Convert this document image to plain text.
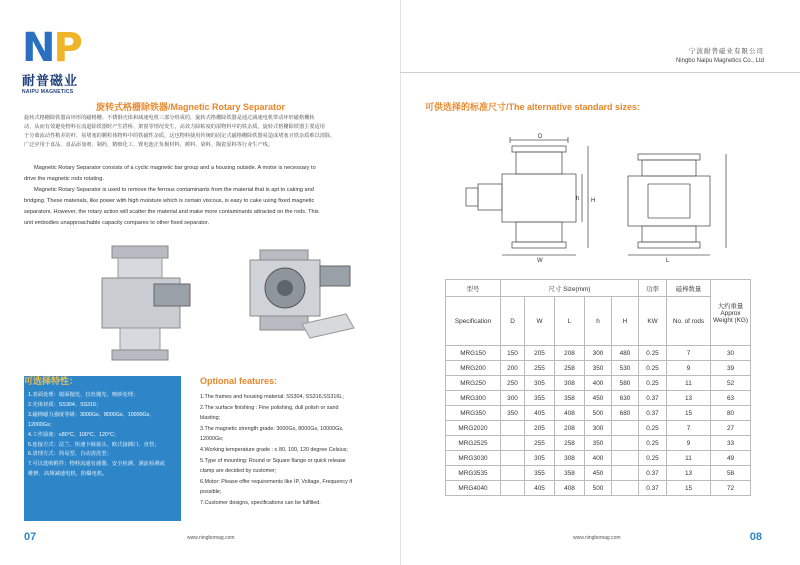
NP
耐普磁业
NAIPU MAGNETICS
旋转式格栅除铁器/Magnetic Rotary Separator
旋转式格栅除铁器由环形的磁格栅、不锈钢壳体和减速电机三部分组成的，旋转式格栅除铁器是通过减速电机带动环形磁格栅转
动，从而有效避免物料在流道除铁器时产生搭桥、架窗等情况发生，高效力除粘度的湿物料中的铁杂质。旋转式格栅除铁器主要适用
于分离流动性稍差的杆、易堵塞的颗粒体物料中的铁磁性杂质，这也物料使用传统的固定式磁格栅除铁器易造成堵塞且铁杂质难以清除，
广泛应用于食品、食品添加剂、制药、精细化工、锂电池正负极材料、颜料、染料、陶瓷原料等行业生产线。
Magnetic Rotary Separator consists of a cyclic magnetic bar group and a housing outside. A motor is necessary to
drive the magnetic rods rotating.
Magnetic Rotary Separator is used to remove the ferrous contaminants from the material that is apt to caking and
bridging. These materials, like power with high moisture which is certain viscous, is easy to cake using fixed magnetic
separators. However, the rotary action will scatter the material and make more contaminants attracted on the rods. This
unit embodies unapproachable capacity compares to other fixed separator.
可选择特性：
1.表面处理：镜面抛光、拉丝抛光、喷砂处理；
2.壳体材质：SS304、SS316；
3.磁棒磁力强度等级：3000Gs、8000Gs、10000Gs、
12000Gs；
4.工作温度：≤80°C、100°C、120°C；
5.连接方式：法兰、快速卡箍接头、欧式接插口、直管；
6.清理方式：简易型、自动清洗型；
7.可以选购附件：物料流通有感器、安全检测、满流检测或
维修、高频减速电机、防爆电机。
Optional features:
1.The frames and housing material: SS304, SS316,SS316L;
2.The surface finishing : Fine polishing, dull polish or sand
blasting;
3.The magnetic strength grade: 3000Gs, 8000Gs, 10000Gs,
12000Gs;
4.Working temperature grade : ≤ 80, 100, 120 degree Celsius;
5.Type of mounting: Round or Square flange or quick release
clamp are decided by customer;
6.Motor: Please offer requirements like IP, Voltage, Frequency if
possible;
7.Customer designs, specifications can be fulfilled.
07	www.ningbomag.com
宁波耐普磁业有限公司
Ningbo Naipu Magnetics Co., Ltd
可供选择的标准尺寸/The alternative standard sizes:
D
W
H
h
L
08
www.ningbomag.com
型号	尺寸 Size(mm)					功率	磁棒数量	大约重量
Approx Weight (KG)

Specification	D	W	L	h	H	KW	No. of rods	
MRG150	150	205	208	300	480	0.25	7	30
MRG200	200	255	258	350	530	0.25	9	39
MRG250	250	305	308	400	580	0.25	11	52
MRG300	300	355	358	450	630	0.37	13	63
MRG350	350	405	408	500	680	0.37	15	80
MRG2020		205	208	300		0.25	7	27
MRG2525		255	258	350		0.25	9	33
MRG3030		305	308	400		0.25	11	49
MRG3535		355	358	450		0.37	13	58
MRG4040		405	408	500		0.37	15	72
